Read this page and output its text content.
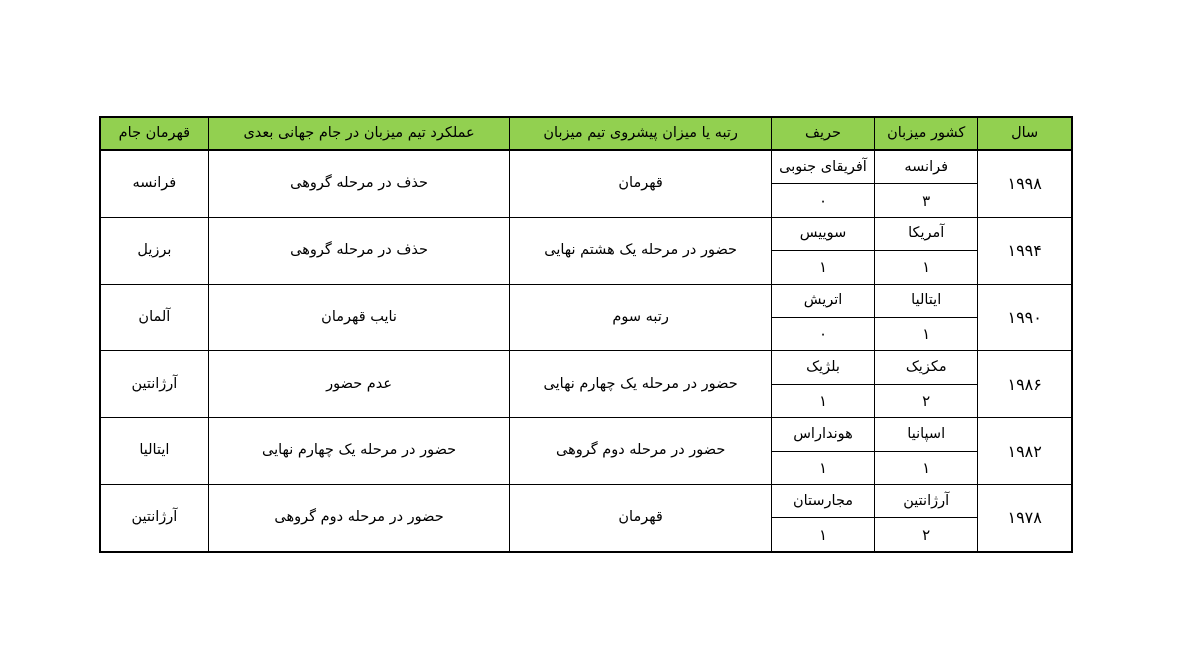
سال	کشور میزبان	حریف	رتبه یا میزان پیشروی تیم میزبان	عملکرد تیم میزبان در جام جهانی بعدی	قهرمان جام
۱۹۹۸	فرانسه	آفریقای جنوبی	قهرمان	حذف در مرحله گروهی	فرانسه
	۳	۰			
۱۹۹۴	آمریکا	سوییس	حضور در مرحله یک هشتم نهایی	حذف در مرحله گروهی	برزیل
	۱	۱			
۱۹۹۰	ایتالیا	اتریش	رتبه سوم	نایب قهرمان	آلمان
	۱	۰			
۱۹۸۶	مکزیک	بلژیک	حضور در مرحله یک چهارم نهایی	عدم حضور	آرژانتین
	۲	۱			
۱۹۸۲	اسپانیا	هونداراس	حضور در مرحله دوم گروهی	حضور در مرحله یک چهارم نهایی	ایتالیا
	۱	۱			
۱۹۷۸	آرژانتین	مجارستان	قهرمان	حضور در مرحله دوم گروهی	آرژانتین
	۲	۱			
